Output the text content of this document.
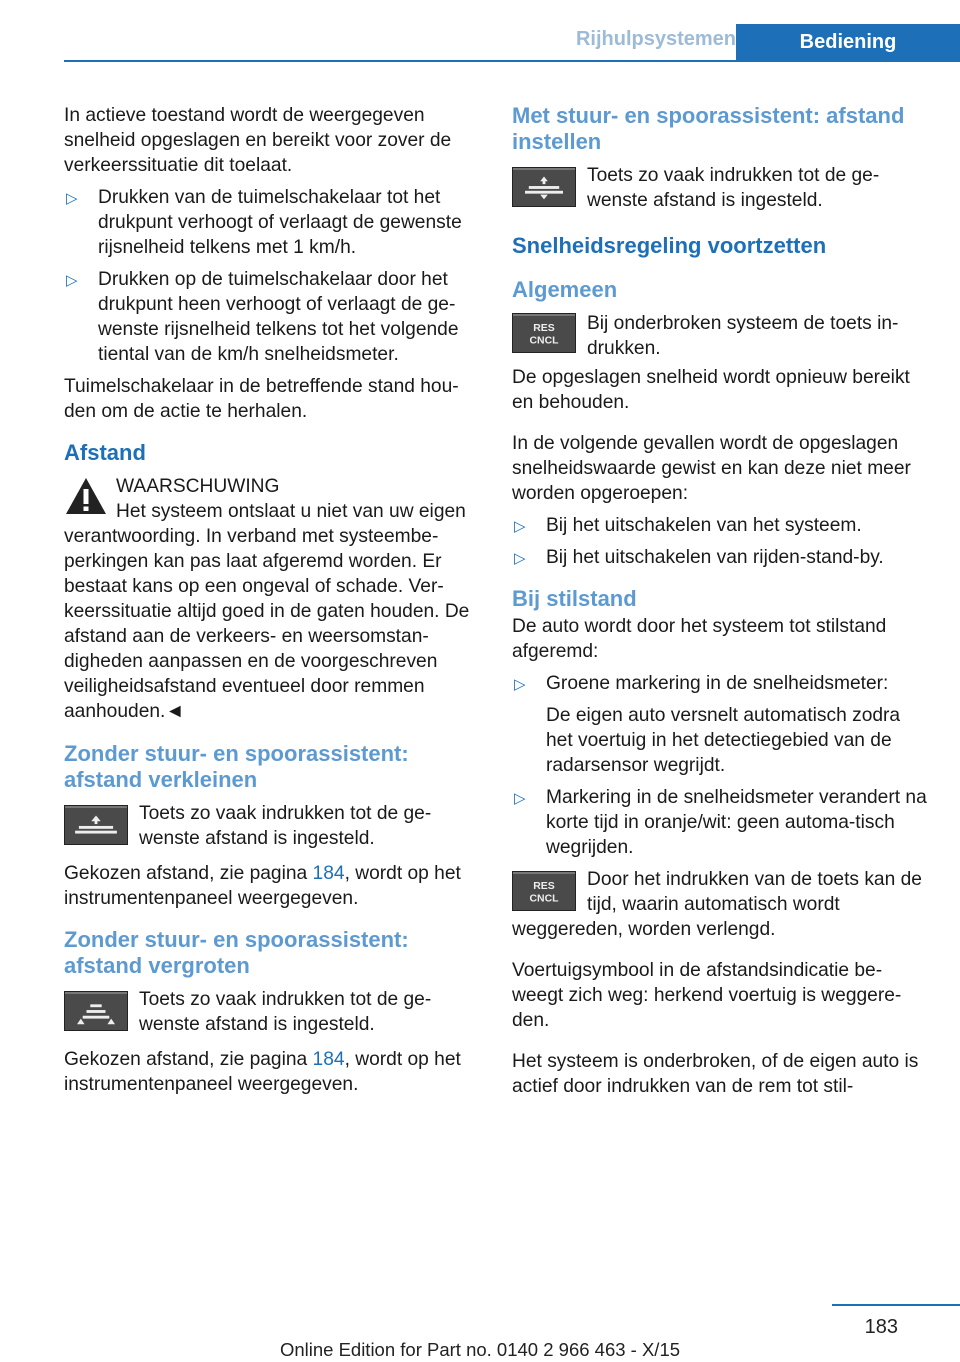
Rijhulpsystemen	Bediening

In actieve toestand wordt de weergegeven snelheid opgeslagen en bereikt voor zover de verkeerssituatie dit toelaat.

▷ Drukken van de tuimelschakelaar tot het drukpunt verhoogt of verlaagt de gewenste rijsnelheid telkens met 1 km/h.
▷ Drukken op de tuimelschakelaar door het drukpunt heen verhoogt of verlaagt de ge-wenste rijsnelheid telkens tot het volgende tiental van de km/h snelheidsmeter.

Tuimelschakelaar in de betreffende stand hou-den om de actie te herhalen.

Afstand

WAARSCHUWING

Het systeem ontslaat u niet van uw eigen verantwoording. In verband met systeembe-perkingen kan pas laat afgeremd worden. Er bestaat kans op een ongeval of schade. Ver-keerssituatie altijd goed in de gaten houden. De afstand aan de verkeers- en weersomstan-digheden aanpassen en de voorgeschreven veiligheidsafstand eventueel door remmen aanhouden.◄

Zonder stuur- en spoorassistent: afstand verkleinen
Toets zo vaak indrukken tot de ge-wenste afstand is ingesteld.

Gekozen afstand, zie pagina 184, wordt op het instrumentenpaneel weergegeven.

Zonder stuur- en spoorassistent: afstand vergroten
Toets zo vaak indrukken tot de ge-wenste afstand is ingesteld.

Gekozen afstand, zie pagina 184, wordt op het instrumentenpaneel weergegeven.

Met stuur- en spoorassistent: afstand instellen
Toets zo vaak indrukken tot de ge-wenste afstand is ingesteld.
Snelheidsregeling voortzetten
Algemeen
RES
CNCL
Bij onderbroken systeem de toets in-drukken.

De opgeslagen snelheid wordt opnieuw bereikt en behouden.

In de volgende gevallen wordt de opgeslagen snelheidswaarde gewist en kan deze niet meer worden opgeroepen:

▷ Bij het uitschakelen van het systeem.
▷ Bij het uitschakelen van rijden-stand-by.
Bij stilstand

De auto wordt door het systeem tot stilstand afgeremd:

▷ Groene markering in de snelheidsmeter:
De eigen auto versnelt automatisch zodra het voertuig in het detectiegebied van de radarsensor wegrijdt.
▷ Markering in de snelheidsmeter verandert na korte tijd in oranje/wit: geen automa-tisch wegrijden.

RES
CNCL
Door het indrukken van de toets kan de tijd, waarin automatisch wordt weggereden, worden verlengd.

Voertuigsymbool in de afstandsindicatie be-weegt zich weg: herkend voertuig is weggere-den.

Het systeem is onderbroken, of de eigen auto is actief door indrukken van de rem tot stil-

183
Online Edition for Part no. 0140 2 966 463 - X/15
